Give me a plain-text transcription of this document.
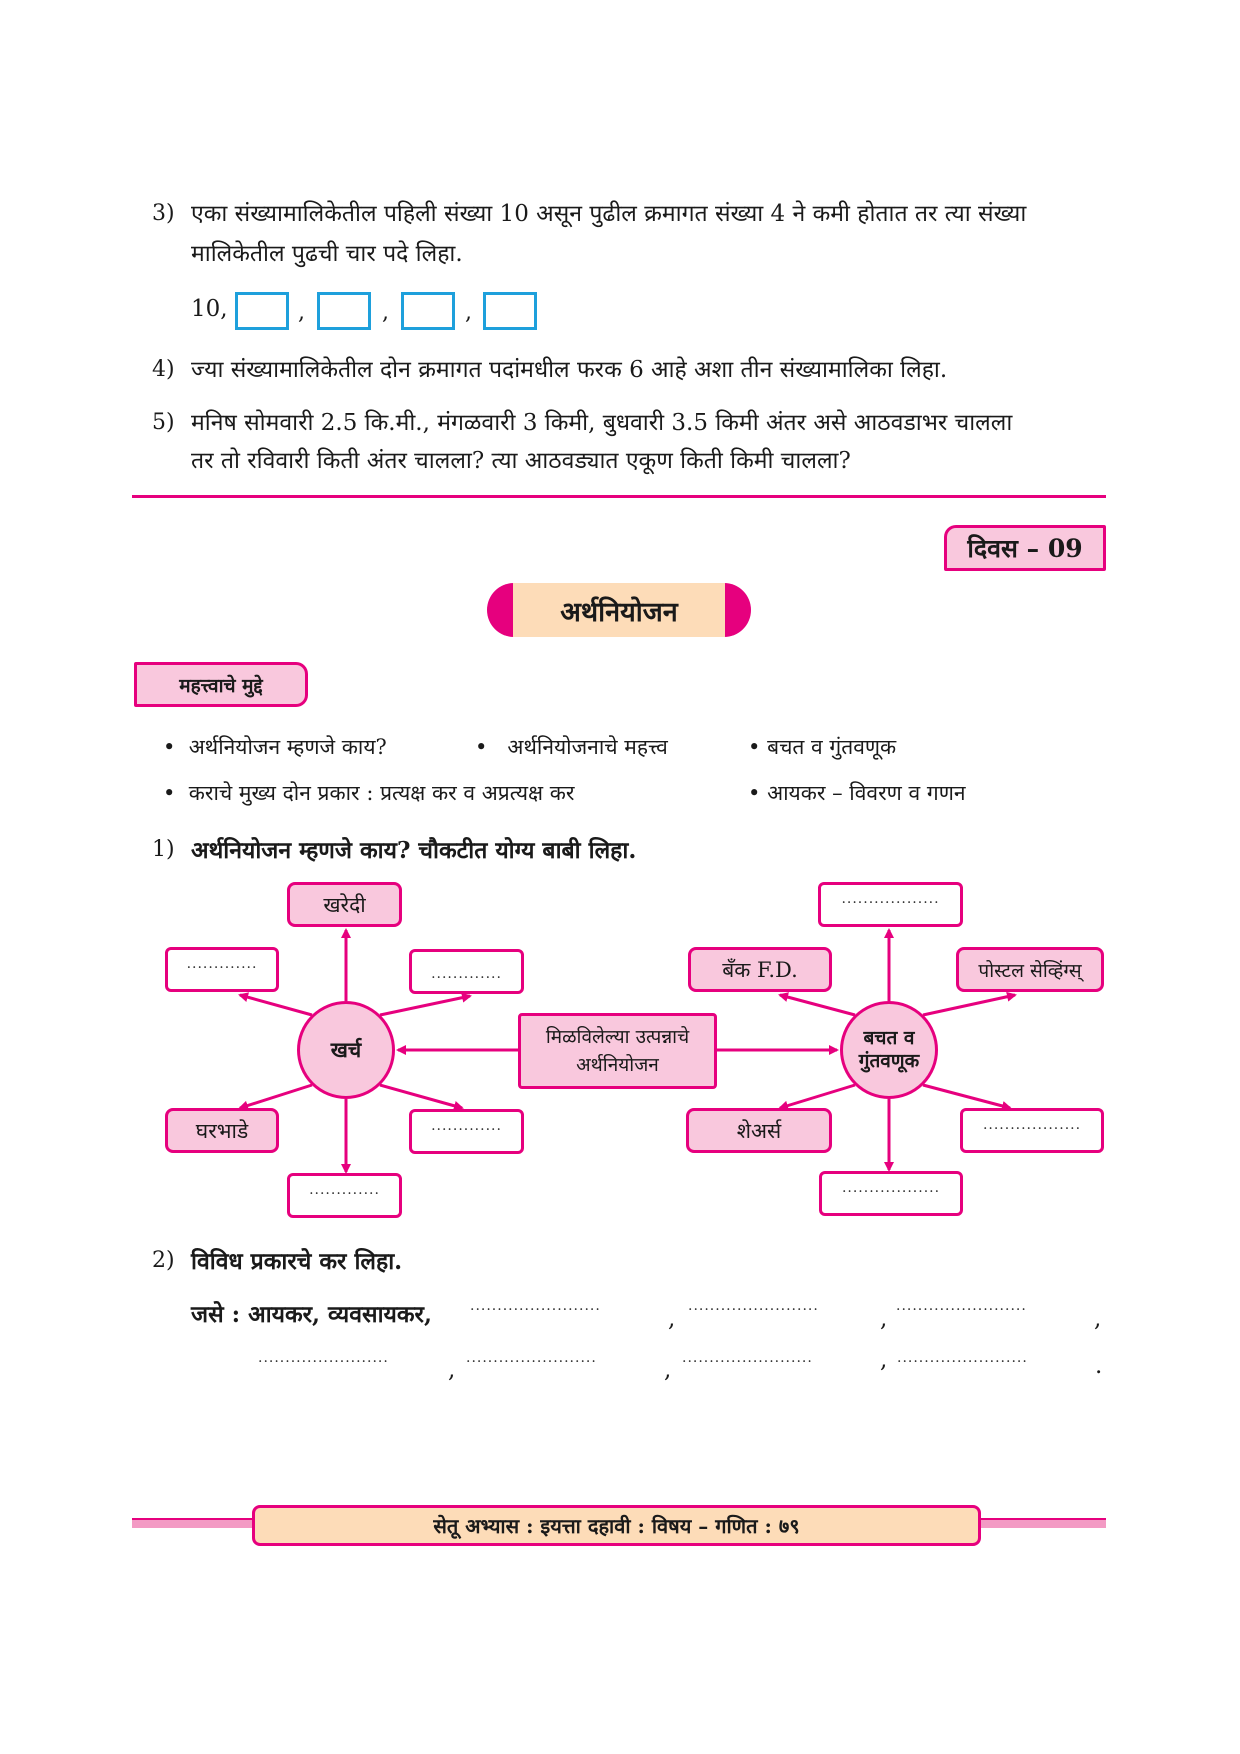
3) एका संख्यामालिकेतील पहिली संख्या 10 असून पुढील क्रमागत संख्या 4 ने कमी होतात तर त्या संख्या
मालिकेतील पुढची चार पदे लिहा.
10,	,	,	,
4) ज्या संख्यामालिकेतील दोन क्रमागत पदांमधील फरक 6 आहे अशा तीन संख्यामालिका लिहा.
5) मनिष सोमवारी 2.5 कि.मी., मंगळवारी 3 किमी, बुधवारी 3.5 किमी अंतर असे आठवडाभर चालला
तर तो रविवारी किती अंतर चालला? त्या आठवड्यात एकूण किती किमी चालला?
दिवस – 09
अर्थनियोजन
महत्त्वाचे मुद्दे
• अर्थनियोजन म्हणजे काय?	• अर्थनियोजनाचे महत्त्व	• बचत व गुंतवणूक
• कराचे मुख्य दोन प्रकार : प्रत्यक्ष कर व अप्रत्यक्ष कर	• आयकर – विवरण व गणन
1) अर्थनियोजन म्हणजे काय? चौकटीत योग्य बाबी लिहा.
खर्च
खरेदी
.............
.............
घरभाडे	.............
.............
मिळविलेल्या उत्पन्नाचे अर्थनियोजन
बचत व गुंतवणूक
..................
बँक F.D.	पोस्टल सेव्हिंग्स्
शेअर्स	..................
..................
2) विविध प्रकारचे कर लिहा.
जसे : आयकर, व्यवसायकर,	........................	, ........................	, ........................	,
........................	, ........................	, ........................	, ........................	.
सेतू अभ्यास : इयत्ता दहावी : विषय – गणित : ७९
